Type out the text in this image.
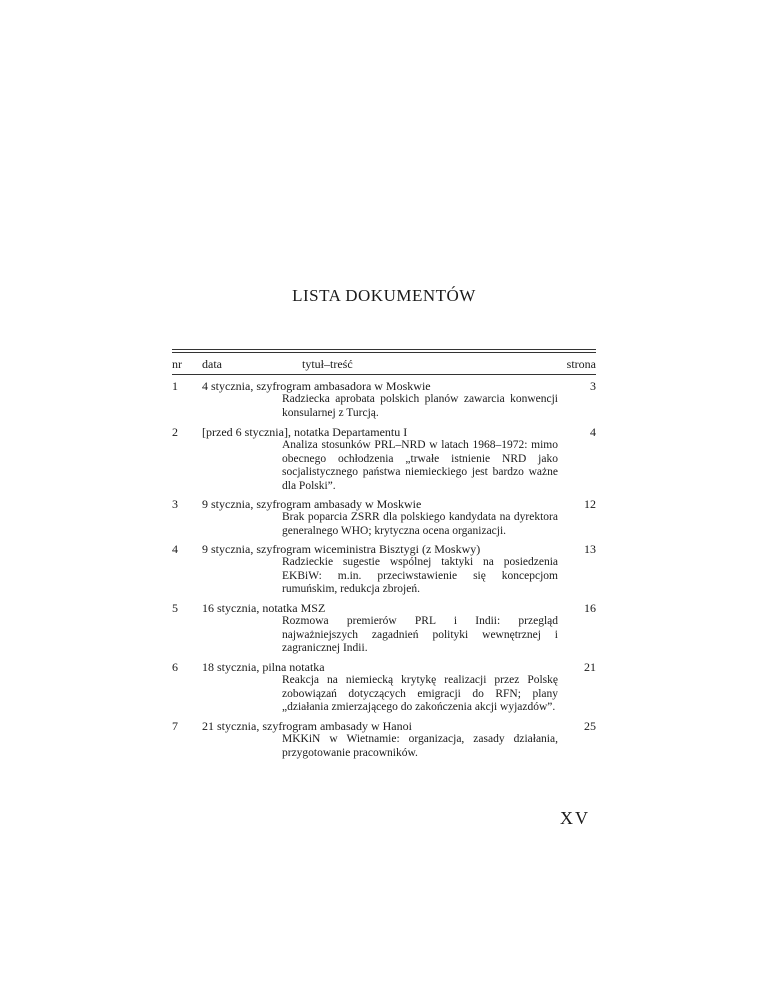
LISTA DOKUMENTÓW
nr data	tytuł–treść	strona
1 4 stycznia, szyfrogram ambasadora w Moskwie	3
Radziecka aprobata polskich planów zawarcia konwencji konsularnej z Turcją.
2 [przed 6 stycznia], notatka Departamentu I	4
Analiza stosunków PRL–NRD w latach 1968–1972: mimo obecnego ochłodzenia „trwałe istnienie NRD jako socjalistycznego państwa niemieckiego jest bardzo ważne dla Polski”.
3 9 stycznia, szyfrogram ambasady w Moskwie	12
Brak poparcia ZSRR dla polskiego kandydata na dyrektora generalnego WHO; krytyczna ocena organizacji.
4 9 stycznia, szyfrogram wiceministra Bisztygi (z Moskwy)	13
Radzieckie sugestie wspólnej taktyki na posiedzenia EKBiW: m.in. przeciwstawienie się koncepcjom rumuńskim, redukcja zbrojeń.
5 16 stycznia, notatka MSZ	16
Rozmowa premierów PRL i Indii: przegląd najważniejszych zagadnień polityki wewnętrznej i zagranicznej Indii.
6 18 stycznia, pilna notatka	21
Reakcja na niemiecką krytykę realizacji przez Polskę zobowiązań dotyczących emigracji do RFN; plany „działania zmierzającego do zakończenia akcji wyjazdów”.
7 21 stycznia, szyfrogram ambasady w Hanoi	25
MKKiN w Wietnamie: organizacja, zasady działania, przygotowanie pracowników.
XV
